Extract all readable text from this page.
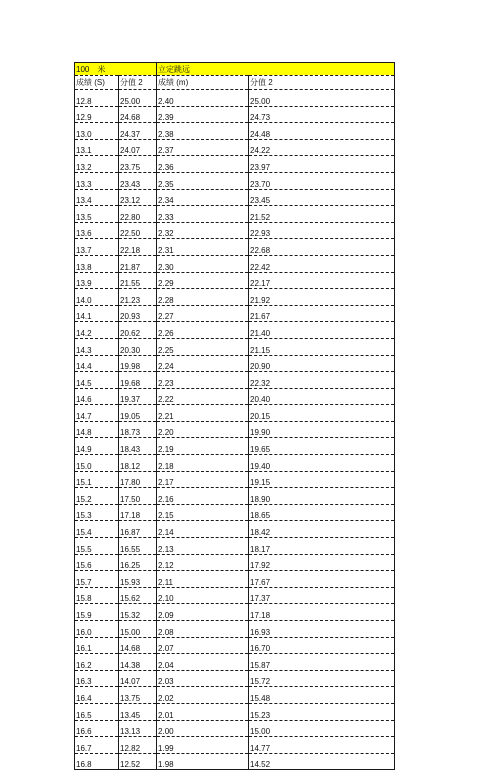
100　米		立定跳远	
成绩 (S)	分值 2	成绩 (m)	分值 2
12.8	25.00	2.40	25.00
12.9	24.68	2.39	24.73
13.0	24.37	2.38	24.48
13.1	24.07	2.37	24.22
13.2	23.75	2.36	23.97
13.3	23.43	2.35	23.70
13.4	23.12	2.34	23.45
13.5	22.80	2.33	21.52
13.6	22.50	2.32	22.93
13.7	22.18	2.31	22.68
13.8	21.87	2.30	22.42
13.9	21.55	2.29	22.17
14.0	21.23	2.28	21.92
14.1	20.93	2.27	21.67
14.2	20.62	2.26	21.40
14.3	20.30	2.25	21.15
14.4	19.98	2.24	20.90
14.5	19.68	2.23	22.32
14.6	19.37	2.22	20.40
14.7	19.05	2.21	20.15
14.8	18.73	2.20	19.90
14.9	18.43	2.19	19.65
15.0	18.12	2.18	19.40
15.1	17.80	2.17	19.15
15.2	17.50	2.16	18.90
15.3	17.18	2.15	18.65
15.4	16.87	2.14	18.42
15.5	16.55	2.13	18.17
15.6	16.25	2.12	17.92
15.7	15.93	2.11	17.67
15.8	15.62	2.10	17.37
15.9	15.32	2.09	17.18
16.0	15.00	2.08	16.93
16.1	14.68	2.07	16.70
16.2	14.38	2.04	15.87
16.3	14.07	2.03	15.72
16.4	13.75	2.02	15.48
16.5	13.45	2.01	15.23
16.6	13.13	2.00	15.00
16.7	12.82	1.99	14.77
16.8	12.52	1.98	14.52
